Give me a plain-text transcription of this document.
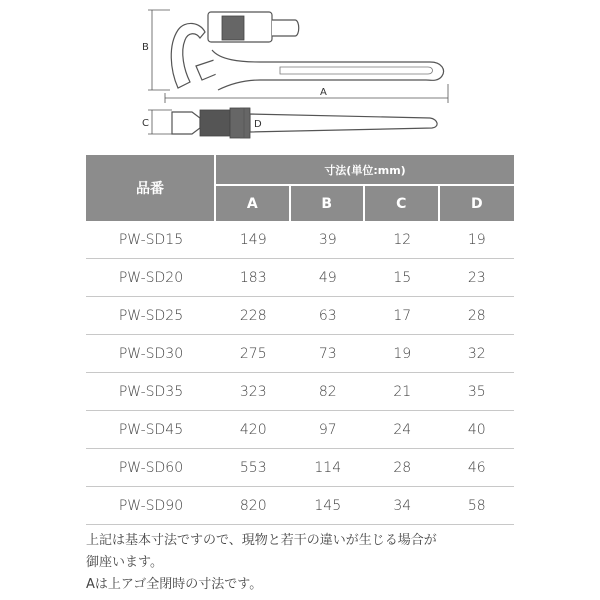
B
A
C	D
品番	寸法(単位:mm)			
	A	B	C	D
PW-SD15	149	39	12	19
PW-SD20	183	49	15	23
PW-SD25	228	63	17	28
PW-SD30	275	73	19	32
PW-SD35	323	82	21	35
PW-SD45	420	97	24	40
PW-SD60	553	114	28	46
PW-SD90	820	145	34	58

上記は基本寸法ですので、現物と若干の違いが生じる場合が

御座います。

Aは上アゴ全閉時の寸法です。
